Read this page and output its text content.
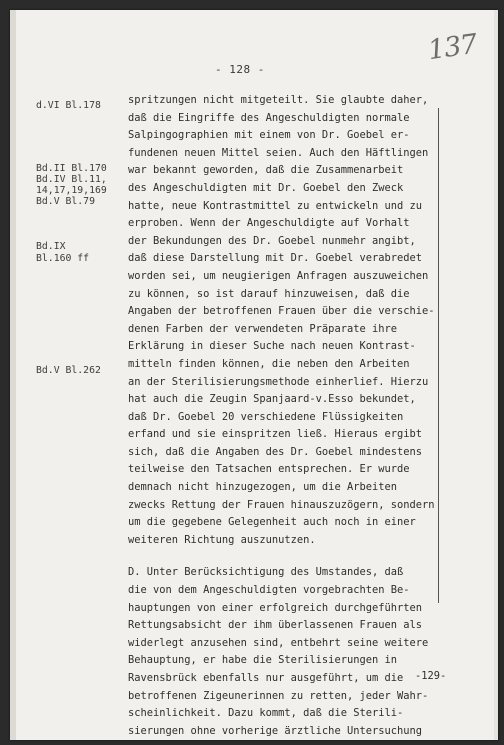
- 128 -
137
d.VI Bl.178
Bd.II Bl.170
Bd.IV Bl.11,
14,17,19,169
Bd.V Bl.79
Bd.IX
Bl.160 ff
Bd.V Bl.262
spritzungen nicht mitgeteilt. Sie glaubte daher,
daß die Eingriffe des Angeschuldigten normale
Salpingographien mit einem von Dr. Goebel er-
fundenen neuen Mittel seien. Auch den Häftlingen
war bekannt geworden, daß die Zusammenarbeit
des Angeschuldigten mit Dr. Goebel den Zweck
hatte, neue Kontrastmittel zu entwickeln und zu
erproben. Wenn der Angeschuldigte auf Vorhalt
der Bekundungen des Dr. Goebel nunmehr angibt,
daß diese Darstellung mit Dr. Goebel verabredet
worden sei, um neugierigen Anfragen auszuweichen
zu können, so ist darauf hinzuweisen, daß die
Angaben der betroffenen Frauen über die verschie-
denen Farben der verwendeten Präparate ihre
Erklärung in dieser Suche nach neuen Kontrast-
mitteln finden können, die neben den Arbeiten
an der Sterilisierungsmethode einherlief. Hierzu
hat auch die Zeugin Spanjaard-v.Esso bekundet,
daß Dr. Goebel 20 verschiedene Flüssigkeiten
erfand und sie einspritzen ließ. Hieraus ergibt
sich, daß die Angaben des Dr. Goebel mindestens
teilweise den Tatsachen entsprechen. Er wurde
demnach nicht hinzugezogen, um die Arbeiten
zwecks Rettung der Frauen hinauszuzögern, sondern
um die gegebene Gelegenheit auch noch in einer
weiteren Richtung auszunutzen.
D. Unter Berücksichtigung des Umstandes, daß
die von dem Angeschuldigten vorgebrachten Be-
hauptungen von einer erfolgreich durchgeführten
Rettungsabsicht der ihm überlassenen Frauen als
widerlegt anzusehen sind, entbehrt seine weitere
Behauptung, er habe die Sterilisierungen in
Ravensbrück ebenfalls nur ausgeführt, um die
betroffenen Zigeunerinnen zu retten, jeder Wahr-
scheinlichkeit. Dazu kommt, daß die Sterili-
sierungen ohne vorherige ärztliche Untersuchung
-129-
